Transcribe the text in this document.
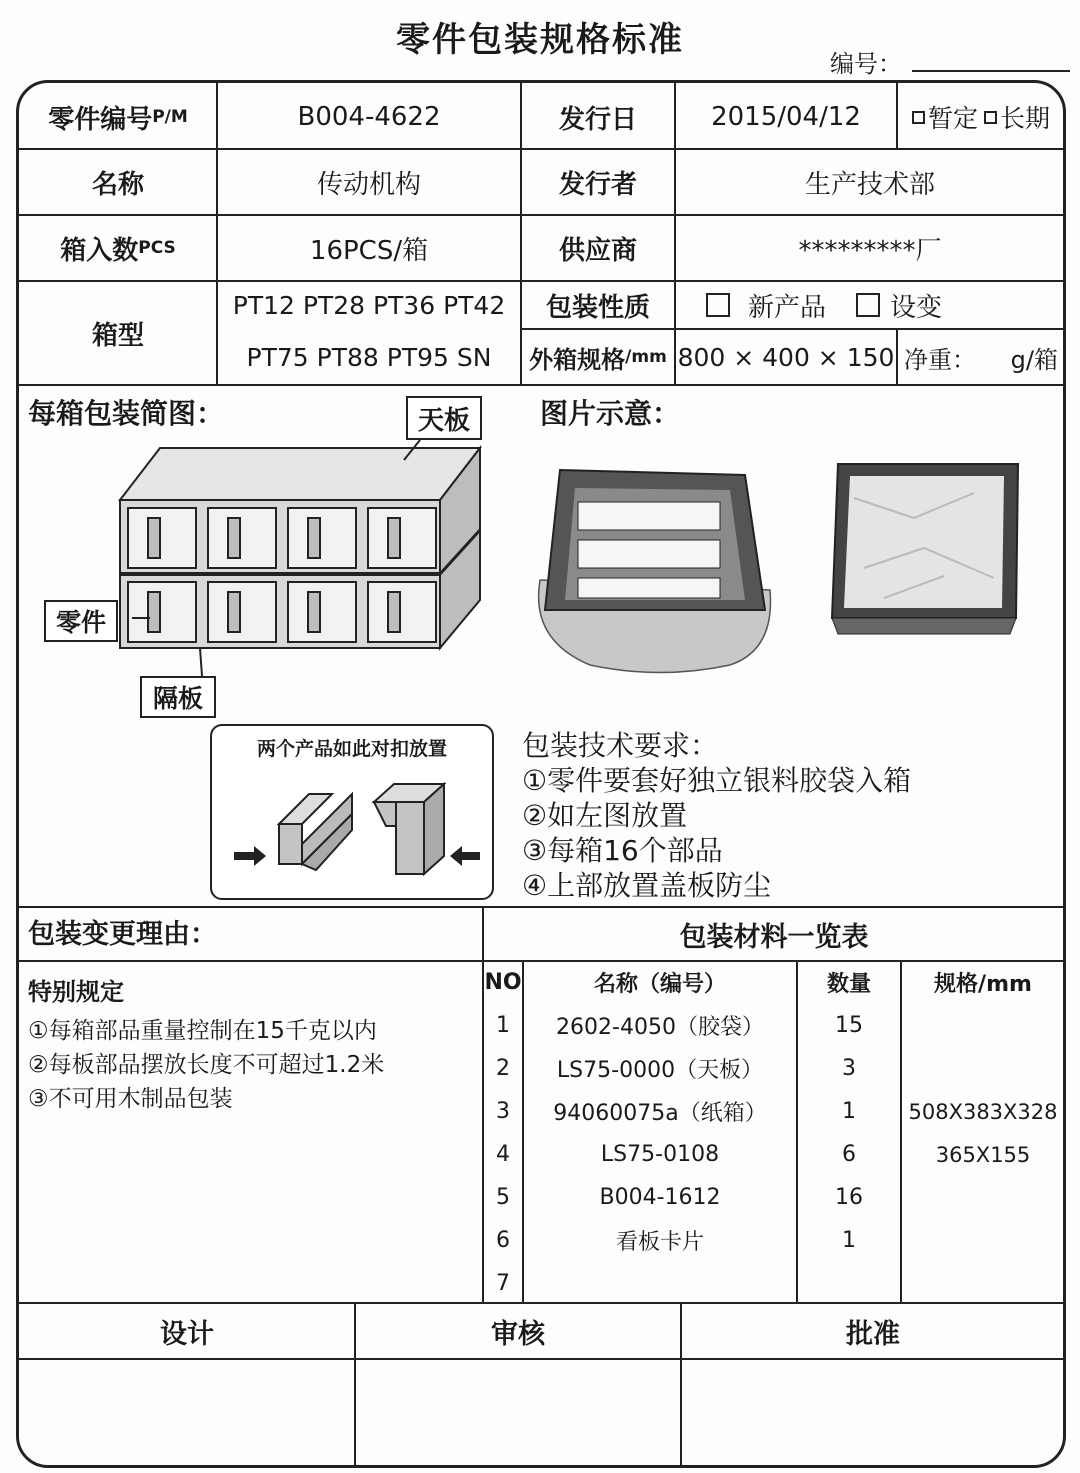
零件包装规格标准
编号：
零件编号 P/M	B004-4622	发行日	2015/04/12	暂定 长期
名称	传动机构	发行者	生产技术部
箱入数 PCS	16PCS/箱	供应商	*********厂
箱型
PT12 PT28 PT36 PT42
PT75 PT88 PT95 SN
包装性质	新产品 设变
外箱规格 /mm 800 × 400 × 150 净重： g/箱
每箱包装简图：	图片示意：
天板
零件
隔板
两个产品如此对扣放置	包装技术要求：
①零件要套好独立银料胶袋入箱
②如左图放置
③每箱16个部品
④上部放置盖板防尘
包装变更理由：
特别规定
①每箱部品重量控制在15千克以内
②每板部品摆放长度不可超过1.2米
③不可用木制品包装
包装材料一览表
NO	名称（编号）	数量	规格/mm
1	2602-4050（胶袋）	15
2	LS75-0000（天板）	3
3	94060075a（纸箱）	1	508X383X328
4	LS75-0108	6	365X155
5	B004-1612	16
6	看板卡片	1
7
设计	审核	批准
